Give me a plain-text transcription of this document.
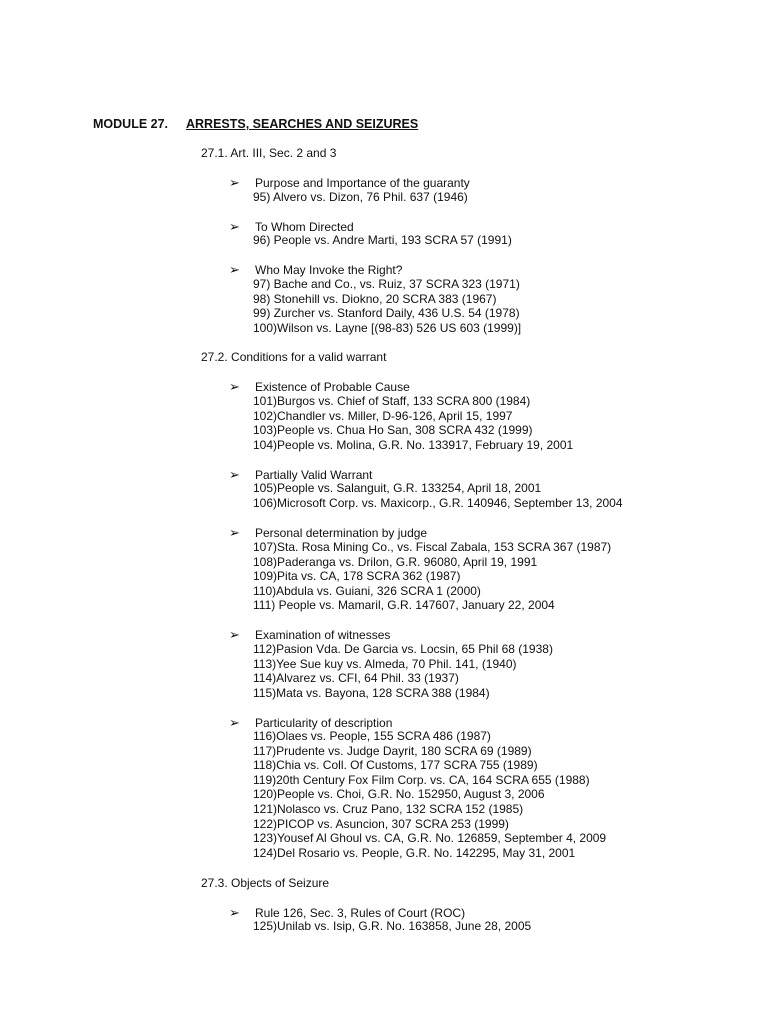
MODULE 27. ARRESTS, SEARCHES AND SEIZURES
27.1. Art. III, Sec. 2 and 3
➢ Purpose and Importance of the guaranty
95) Alvero vs. Dizon, 76 Phil. 637 (1946)
➢ To Whom Directed
96) People vs. Andre Marti, 193 SCRA 57 (1991)
➢ Who May Invoke the Right?
97) Bache and Co., vs. Ruiz, 37 SCRA 323 (1971)
98) Stonehill vs. Diokno, 20 SCRA 383 (1967)
99) Zurcher vs. Stanford Daily, 436 U.S. 54 (1978)
100)Wilson vs. Layne [(98-83) 526 US 603 (1999)]
27.2. Conditions for a valid warrant
➢ Existence of Probable Cause
101)Burgos vs. Chief of Staff, 133 SCRA 800 (1984)
102)Chandler vs. Miller, D-96-126, April 15, 1997
103)People vs. Chua Ho San, 308 SCRA 432 (1999)
104)People vs. Molina, G.R. No. 133917, February 19, 2001
➢ Partially Valid Warrant
105)People vs. Salanguit, G.R. 133254, April 18, 2001
106)Microsoft Corp. vs. Maxicorp., G.R. 140946, September 13, 2004
➢ Personal determination by judge
107)Sta. Rosa Mining Co., vs. Fiscal Zabala, 153 SCRA 367 (1987)
108)Paderanga vs. Drilon, G.R. 96080, April 19, 1991
109)Pita vs. CA, 178 SCRA 362 (1987)
110)Abdula vs. Guiani, 326 SCRA 1 (2000)
111) People vs. Mamaril, G.R. 147607, January 22, 2004
➢ Examination of witnesses
112)Pasion Vda. De Garcia vs. Locsin, 65 Phil 68 (1938)
113)Yee Sue kuy vs. Almeda, 70 Phil. 141, (1940)
114)Alvarez vs. CFI, 64 Phil. 33 (1937)
115)Mata vs. Bayona, 128 SCRA 388 (1984)
➢ Particularity of description
116)Olaes vs. People, 155 SCRA 486 (1987)
117)Prudente vs. Judge Dayrit, 180 SCRA 69 (1989)
118)Chia vs. Coll. Of Customs, 177 SCRA 755 (1989)
119)20th Century Fox Film Corp. vs. CA, 164 SCRA 655 (1988)
120)People vs. Choi, G.R. No. 152950, August 3, 2006
121)Nolasco vs. Cruz Pano, 132 SCRA 152 (1985)
122)PICOP vs. Asuncion, 307 SCRA 253 (1999)
123)Yousef Al Ghoul vs. CA, G.R. No. 126859, September 4, 2009
124)Del Rosario vs. People, G.R. No. 142295, May 31, 2001
27.3. Objects of Seizure
➢ Rule 126, Sec. 3, Rules of Court (ROC)
125)Unilab vs. Isip, G.R. No. 163858, June 28, 2005
